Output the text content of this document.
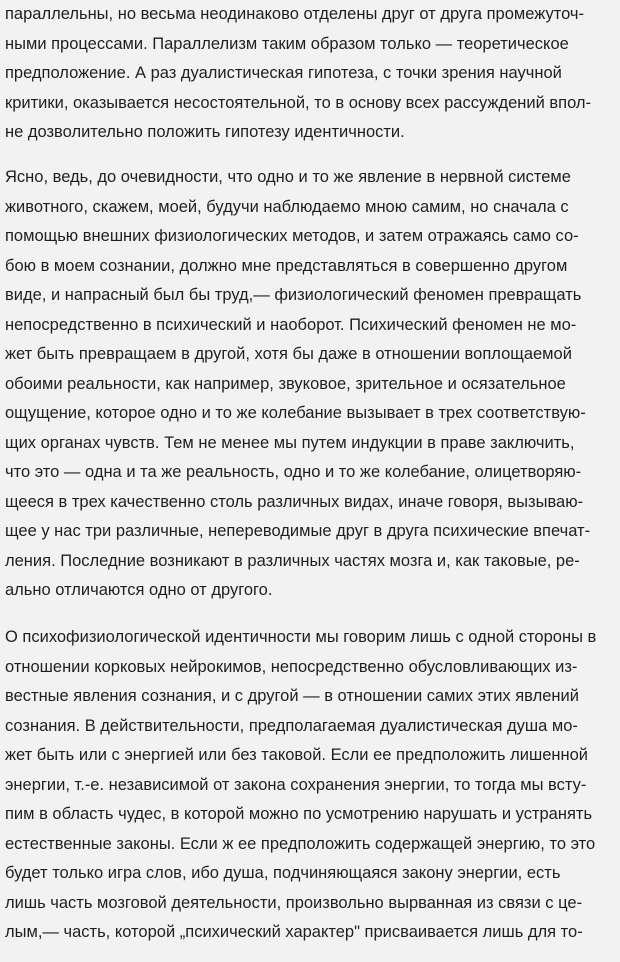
параллельны, но весьма неодинаково отделены друг от друга промежуточ-
ными процессами. Параллелизм таким образом только — теоретическое
предположение. А раз дуалистическая гипотеза, с точки зрения научной
критики, оказывается несостоятельной, то в основу всех рассуждений впол-
не дозволительно положить гипотезу идентичности.
Ясно, ведь, до очевидности, что одно и то же явление в нервной системе
животного, скажем, моей, будучи наблюдаемо мною самим, но сначала с
помощью внешних физиологических методов, и затем отражаясь само со-
бою в моем сознании, должно мне представляться в совершенно другом
виде, и напрасный был бы труд,— физиологический феномен превращать
непосредственно в психический и наоборот. Психический феномен не мо-
жет быть превращаем в другой, хотя бы даже в отношении воплощаемой
обоими реальности, как например, звуковое, зрительное и осязательное
ощущение, которое одно и то же колебание вызывает в трех соответствую-
щих органах чувств. Тем не менее мы путем индукции в праве заключить,
что это — одна и та же реальность, одно и то же колебание, олицетворяю-
щееся в трех качественно столь различных видах, иначе говоря, вызываю-
щее у нас три различные, непереводимые друг в друга психические впечат-
ления. Последние возникают в различных частях мозга и, как таковые, ре-
ально отличаются одно от другого.
О психофизиологической идентичности мы говорим лишь с одной стороны в
отношении корковых нейрокимов, непосредственно обусловливающих из-
вестные явления сознания, и с другой — в отношении самих этих явлений
сознания. В действительности, предполагаемая дуалистическая душа мо-
жет быть или с энергией или без таковой. Если ее предположить лишенной
энергии, т.-е. независимой от закона сохранения энергии, то тогда мы всту-
пим в область чудес, в которой можно по усмотрению нарушать и устранять
естественные законы. Если ж ее предположить содержащей энергию, то это
будет только игра слов, ибо душа, подчиняющаяся закону энергии, есть
лишь часть мозговой деятельности, произвольно вырванная из связи с це-
лым,— часть, которой „психический характер" присваивается лишь для то-
